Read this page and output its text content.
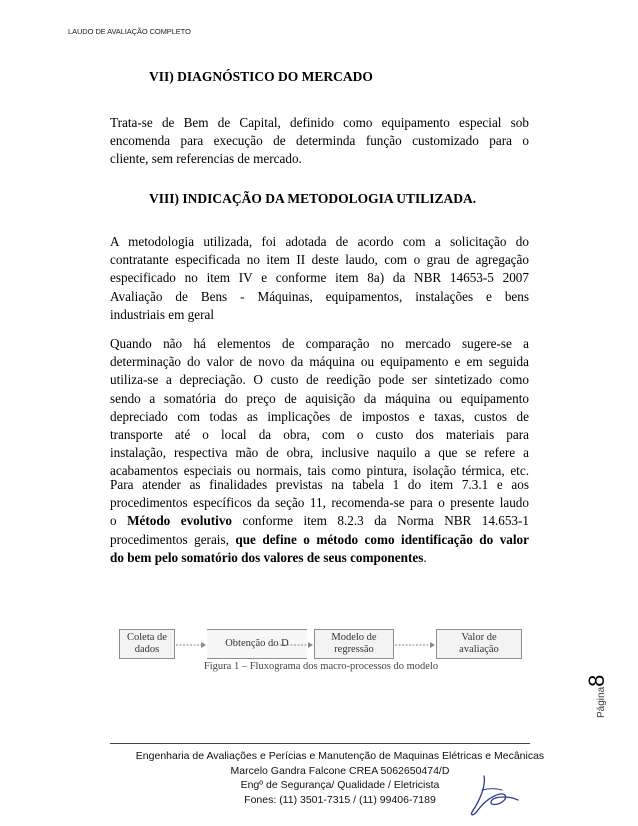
LAUDO DE AVALIAÇÃO COMPLETO
VII) DIAGNÓSTICO DO MERCADO
Trata-se de Bem de Capital, definido como equipamento especial sob
encomenda para execução de determinda função customizado para o
cliente, sem referencias de mercado.
VIII) INDICAÇÃO DA METODOLOGIA UTILIZADA.
A metodologia utilizada, foi adotada de acordo com a solicitação do
contratante especificada no item II deste laudo, com o grau de agregação
especificado no item IV e conforme item 8a) da NBR 14653-5 2007
Avaliação de Bens - Máquinas, equipamentos, instalações e bens
industriais em geral
Quando não há elementos de comparação no mercado sugere-se a
determinação do valor de novo da máquina ou equipamento e em seguida
utiliza-se a depreciação. O custo de reedição pode ser sintetizado como
sendo a somatória do preço de aquisição da máquina ou equipamento
depreciado com todas as implicações de impostos e taxas, custos de
transporte até o local da obra, com o custo dos materiais para
instalação, respectiva mão de obra, inclusive naquilo a que se refere a
acabamentos especiais ou normais, tais como pintura, isolação térmica, etc.
Para atender as finalidades previstas na tabela 1 do item 7.3.1 e aos
procedimentos específicos da seção 11, recomenda-se para o presente laudo
o Método evolutivo conforme item 8.2.3 da Norma NBR 14.653-1
procedimentos gerais, que define o método como identificação do valor
do bem pelo somatório dos valores de seus componentes.
Coleta de
dados
Obtenção do D
Modelo de
regressão
Valor de
avaliação
Figura 1 – Fluxograma dos macro-processos do modelo
Página8
Engenharia de Avaliações e Perícias e Manutenção de Maquinas Elétricas e Mecânicas
Marcelo Gandra Falcone CREA 5062650474/D
Engº de Segurança/ Qualidade / Eletricista
Fones: (11) 3501-7315 / (11) 99406-7189
